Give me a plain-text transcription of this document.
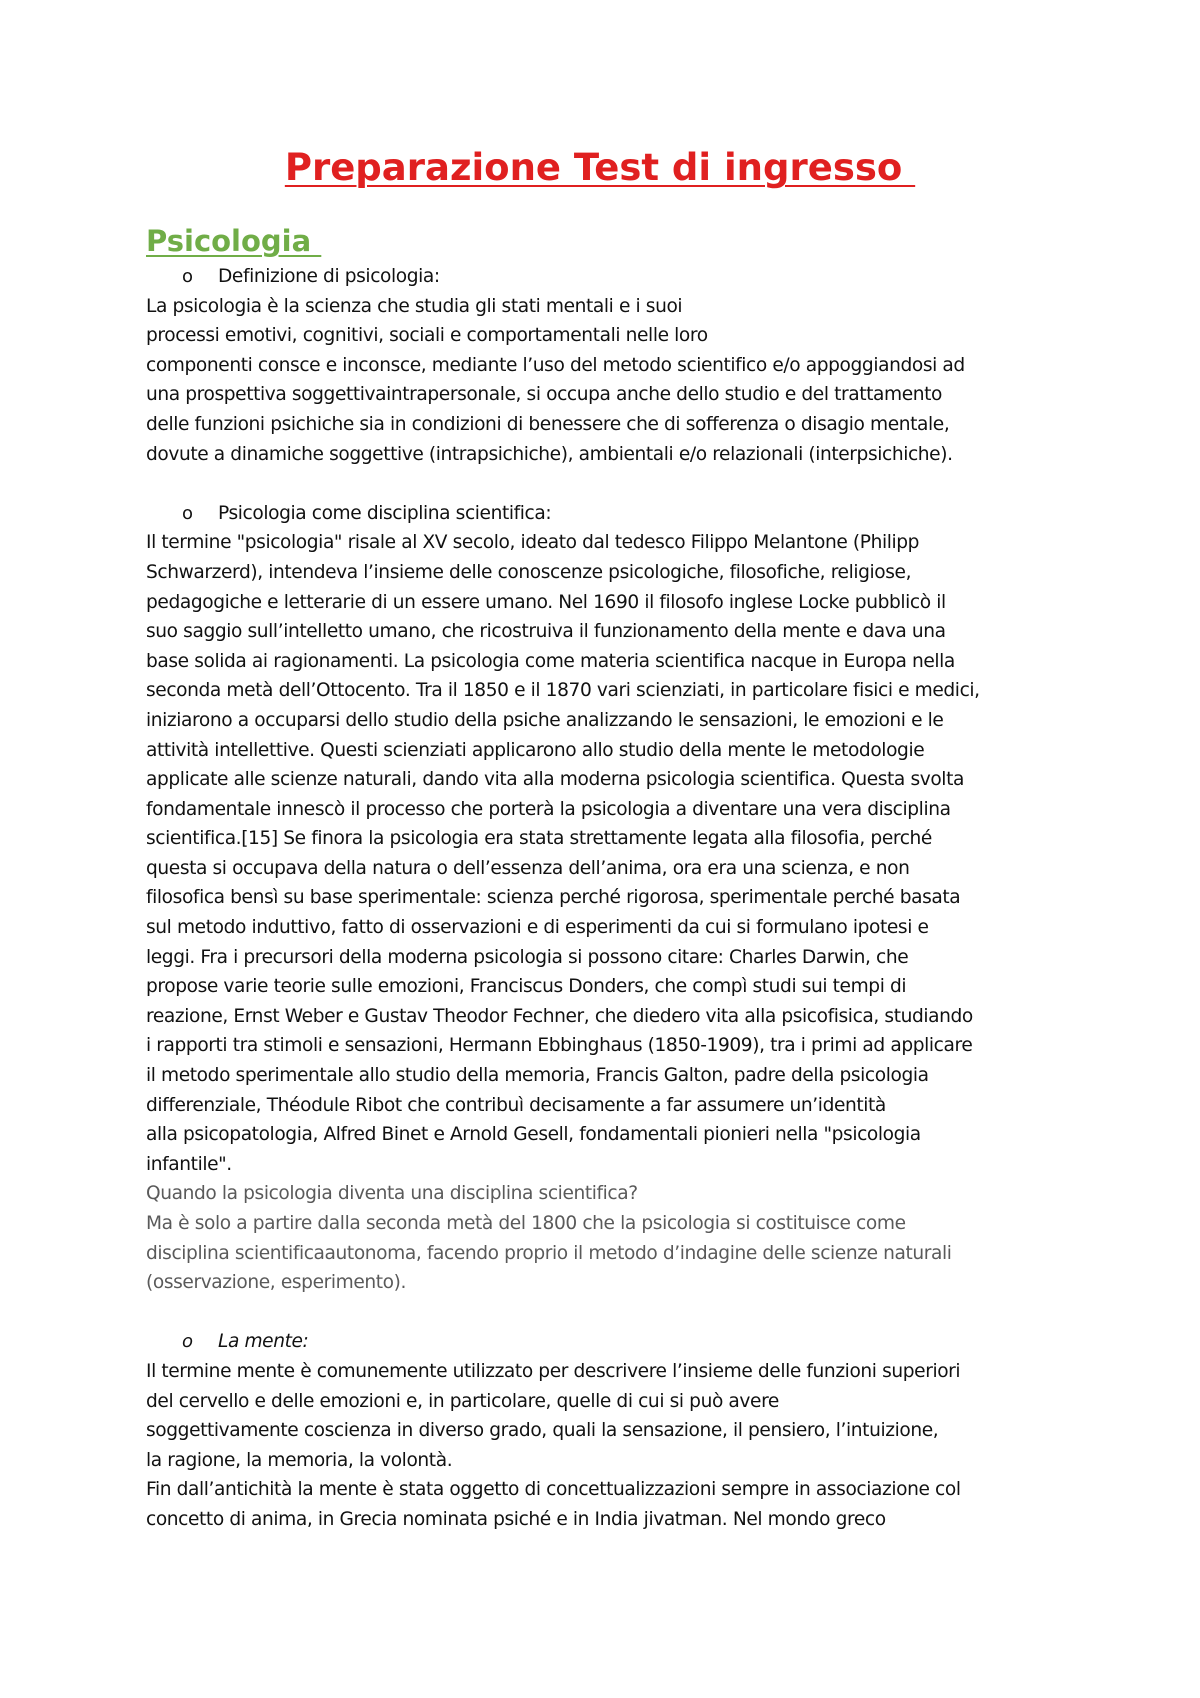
Preparazione Test di ingresso
Psicologia
o Definizione di psicologia:
La psicologia è la scienza che studia gli stati mentali e i suoi
processi emotivi, cognitivi, sociali e comportamentali nelle loro
componenti consce e inconsce, mediante l’uso del metodo scientifico e/o appoggiandosi ad
una prospettiva soggettivaintrapersonale, si occupa anche dello studio e del trattamento
delle funzioni psichiche sia in condizioni di benessere che di sofferenza o disagio mentale,
dovute a dinamiche soggettive (intrapsichiche), ambientali e/o relazionali (interpsichiche).
o Psicologia come disciplina scientifica:
Il termine "psicologia" risale al XV secolo, ideato dal tedesco Filippo Melantone (Philipp
Schwarzerd), intendeva l’insieme delle conoscenze psicologiche, filosofiche, religiose,
pedagogiche e letterarie di un essere umano. Nel 1690 il filosofo inglese Locke pubblicò il
suo saggio sull’intelletto umano, che ricostruiva il funzionamento della mente e dava una
base solida ai ragionamenti. La psicologia come materia scientifica nacque in Europa nella
seconda metà dell’Ottocento. Tra il 1850 e il 1870 vari scienziati, in particolare fisici e medici,
iniziarono a occuparsi dello studio della psiche analizzando le sensazioni, le emozioni e le
attività intellettive. Questi scienziati applicarono allo studio della mente le metodologie
applicate alle scienze naturali, dando vita alla moderna psicologia scientifica. Questa svolta
fondamentale innescò il processo che porterà la psicologia a diventare una vera disciplina
scientifica.[15] Se finora la psicologia era stata strettamente legata alla filosofia, perché
questa si occupava della natura o dell’essenza dell’anima, ora era una scienza, e non
filosofica bensì su base sperimentale: scienza perché rigorosa, sperimentale perché basata
sul metodo induttivo, fatto di osservazioni e di esperimenti da cui si formulano ipotesi e
leggi. Fra i precursori della moderna psicologia si possono citare: Charles Darwin, che
propose varie teorie sulle emozioni, Franciscus Donders, che compì studi sui tempi di
reazione, Ernst Weber e Gustav Theodor Fechner, che diedero vita alla psicofisica, studiando
i rapporti tra stimoli e sensazioni, Hermann Ebbinghaus (1850-1909), tra i primi ad applicare
il metodo sperimentale allo studio della memoria, Francis Galton, padre della psicologia
differenziale, Théodule Ribot che contribuì decisamente a far assumere un’identità
alla psicopatologia, Alfred Binet e Arnold Gesell, fondamentali pionieri nella "psicologia
infantile".
Quando la psicologia diventa una disciplina scientifica?
Ma è solo a partire dalla seconda metà del 1800 che la psicologia si costituisce come
disciplina scientificaautonoma, facendo proprio il metodo d’indagine delle scienze naturali
(osservazione, esperimento).
o La mente:
Il termine mente è comunemente utilizzato per descrivere l’insieme delle funzioni superiori
del cervello e delle emozioni e, in particolare, quelle di cui si può avere
soggettivamente coscienza in diverso grado, quali la sensazione, il pensiero, l’intuizione,
la ragione, la memoria, la volontà.
Fin dall’antichità la mente è stata oggetto di concettualizzazioni sempre in associazione col
concetto di anima, in Grecia nominata psiché e in India jivatman. Nel mondo greco
